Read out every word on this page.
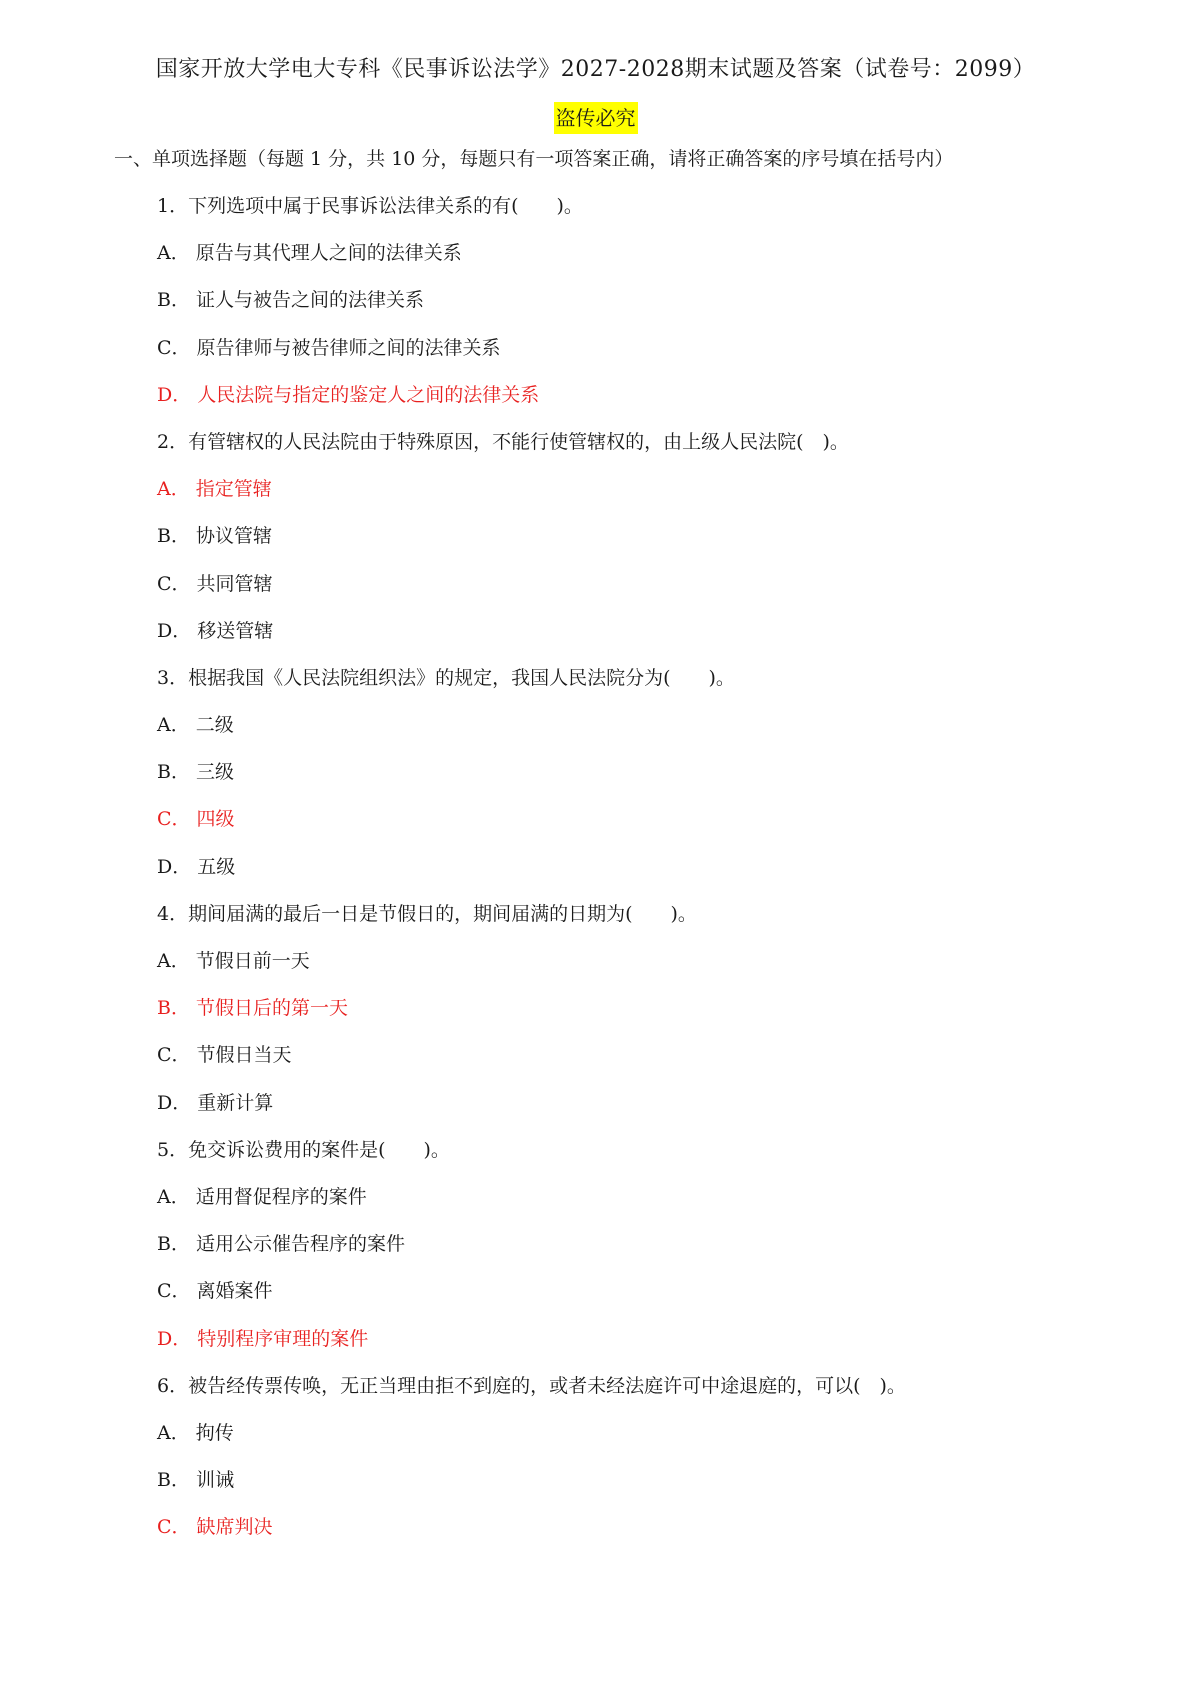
国家开放大学电大专科《民事诉讼法学》2027-2028期末试题及答案（试卷号：2099）
盗传必究
一、单项选择题（每题 1 分，共 10 分，每题只有一项答案正确，请将正确答案的序号填在括号内）
1．下列选项中属于民事诉讼法律关系的有(　　)。
A． 原告与其代理人之间的法律关系
B． 证人与被告之间的法律关系
C． 原告律师与被告律师之间的法律关系
D． 人民法院与指定的鉴定人之间的法律关系
2．有管辖权的人民法院由于特殊原因，不能行使管辖权的，由上级人民法院(　)。
A． 指定管辖
B． 协议管辖
C． 共同管辖
D． 移送管辖
3．根据我国《人民法院组织法》的规定，我国人民法院分为(　　)。
A． 二级
B． 三级
C． 四级
D． 五级
4．期间届满的最后一日是节假日的，期间届满的日期为(　　)。
A． 节假日前一天
B． 节假日后的第一天
C． 节假日当天
D． 重新计算
5．免交诉讼费用的案件是(　　)。
A． 适用督促程序的案件
B． 适用公示催告程序的案件
C． 离婚案件
D． 特别程序审理的案件
6．被告经传票传唤，无正当理由拒不到庭的，或者未经法庭许可中途退庭的，可以(　)。
A． 拘传
B． 训诫
C． 缺席判决
